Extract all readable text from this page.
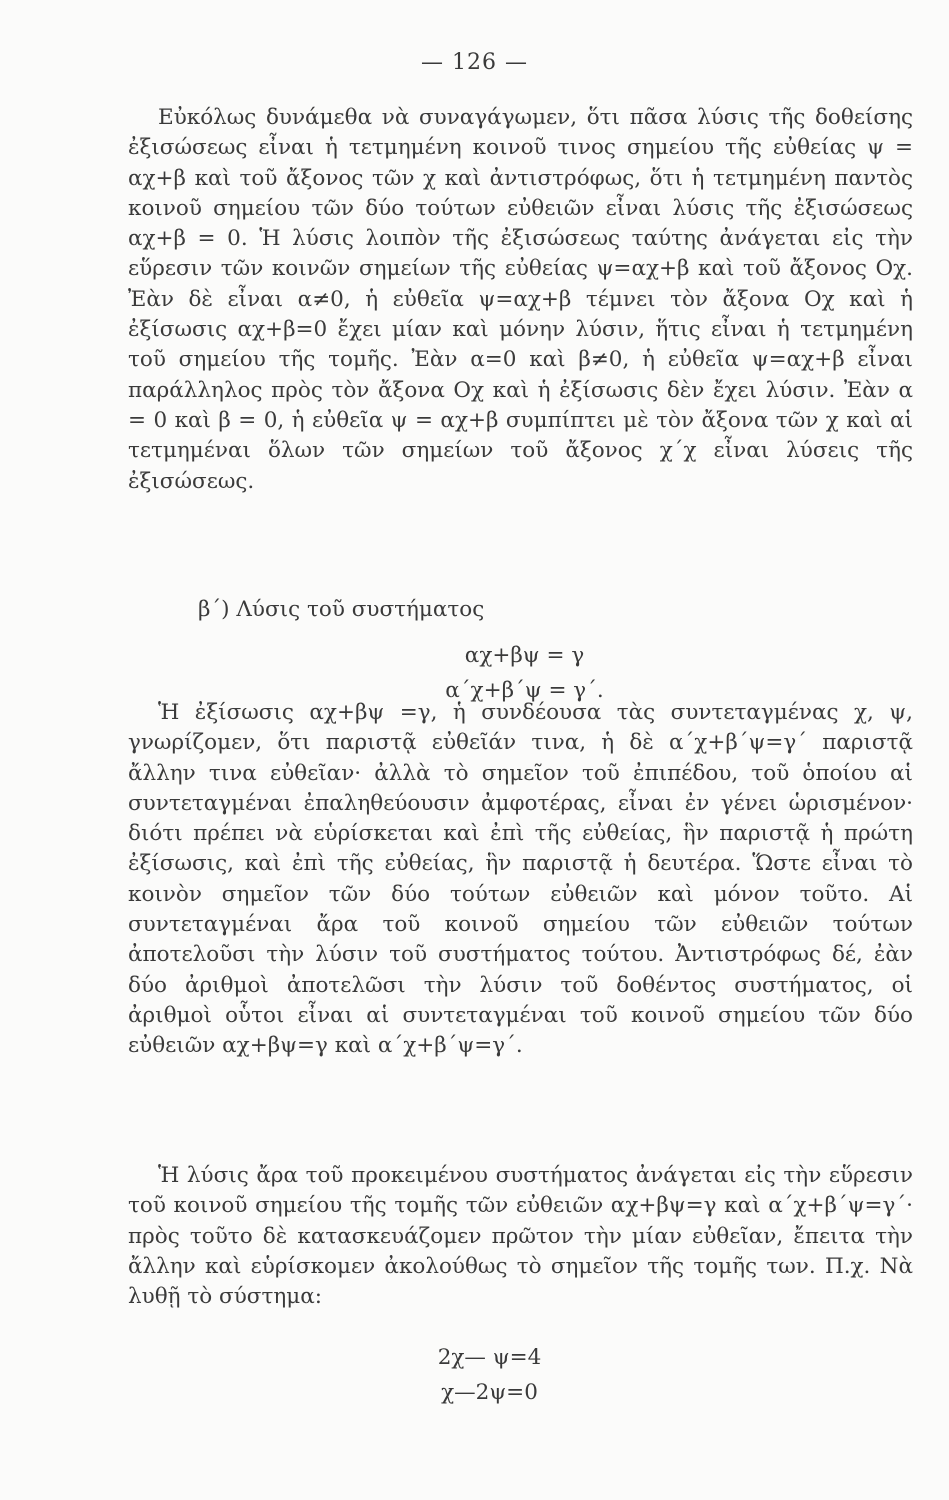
— 126 —

Εὐκόλως δυνάμεθα νὰ συναγάγωμεν, ὅτι πᾶσα λύσις τῆς δοθείσης ἐξισώσεως εἶναι ἡ τετμημένη κοινοῦ τινος σημείου τῆς εὐθείας ψ = αχ+β καὶ τοῦ ἄξονος τῶν χ καὶ ἀντιστρόφως, ὅτι ἡ τετμημένη παντὸς κοινοῦ σημείου τῶν δύο τούτων εὐθειῶν εἶναι λύσις τῆς ἐξισώσεως αχ+β = 0. Ἡ λύσις λοιπὸν τῆς ἐξισώσεως ταύτης ἀνάγεται εἰς τὴν εὕρεσιν τῶν κοινῶν σημείων τῆς εὐθείας ψ=αχ+β καὶ τοῦ ἄξονος Οχ. Ἐὰν δὲ εἶναι α≠0, ἡ εὐθεῖα ψ=αχ+β τέμνει τὸν ἄξονα Οχ καὶ ἡ ἐξίσωσις αχ+β=0 ἔχει μίαν καὶ μόνην λύσιν, ἥτις εἶναι ἡ τετμημένη τοῦ σημείου τῆς τομῆς. Ἐὰν α=0 καὶ β≠0, ἡ εὐθεῖα ψ=αχ+β εἶναι παράλληλος πρὸς τὸν ἄξονα Οχ καὶ ἡ ἐξίσωσις δὲν ἔχει λύσιν. Ἐὰν α = 0 καὶ β = 0, ἡ εὐθεῖα ψ = αχ+β συμπίπτει μὲ τὸν ἄξονα τῶν χ καὶ αἱ τετμημέναι ὅλων τῶν σημείων τοῦ ἄξονος χ΄χ εἶναι λύσεις τῆς ἐξισώσεως.

β΄) Λύσις τοῦ συστήματος

αχ+βψ = γ
α΄χ+β΄ψ = γ΄.

Ἡ ἐξίσωσις αχ+βψ =γ, ἡ συνδέουσα τὰς συντεταγμένας χ, ψ, γνωρίζομεν, ὅτι παριστᾷ εὐθεῖάν τινα, ἡ δὲ α΄χ+β΄ψ=γ΄ παριστᾷ ἄλλην τινα εὐθεῖαν· ἀλλὰ τὸ σημεῖον τοῦ ἐπιπέδου, τοῦ ὁποίου αἱ συντεταγμέναι ἐπαληθεύουσιν ἀμφοτέρας, εἶναι ἐν γένει ὡρισμένον· διότι πρέπει νὰ εὑρίσκεται καὶ ἐπὶ τῆς εὐθείας, ἣν παριστᾷ ἡ πρώτη ἐξίσωσις, καὶ ἐπὶ τῆς εὐθείας, ἣν παριστᾷ ἡ δευτέρα. Ὥστε εἶναι τὸ κοινὸν σημεῖον τῶν δύο τούτων εὐθειῶν καὶ μόνον τοῦτο. Αἱ συντεταγμέναι ἄρα τοῦ κοινοῦ σημείου τῶν εὐθειῶν τούτων ἀποτελοῦσι τὴν λύσιν τοῦ συστήματος τούτου. Ἀντιστρόφως δέ, ἐὰν δύο ἀριθμοὶ ἀποτελῶσι τὴν λύσιν τοῦ δοθέντος συστήματος, οἱ ἀριθμοὶ οὗτοι εἶναι αἱ συντεταγμέναι τοῦ κοινοῦ σημείου τῶν δύο εὐθειῶν αχ+βψ=γ καὶ α΄χ+β΄ψ=γ΄.

Ἡ λύσις ἄρα τοῦ προκειμένου συστήματος ἀνάγεται εἰς τὴν εὕρεσιν τοῦ κοινοῦ σημείου τῆς τομῆς τῶν εὐθειῶν αχ+βψ=γ καὶ α΄χ+β΄ψ=γ΄· πρὸς τοῦτο δὲ κατασκευάζομεν πρῶτον τὴν μίαν εὐθεῖαν, ἔπειτα τὴν ἄλλην καὶ εὑρίσκομεν ἀκολούθως τὸ σημεῖον τῆς τομῆς των. Π.χ. Νὰ λυθῇ τὸ σύστημα:

2χ— ψ=4
χ—2ψ=0
